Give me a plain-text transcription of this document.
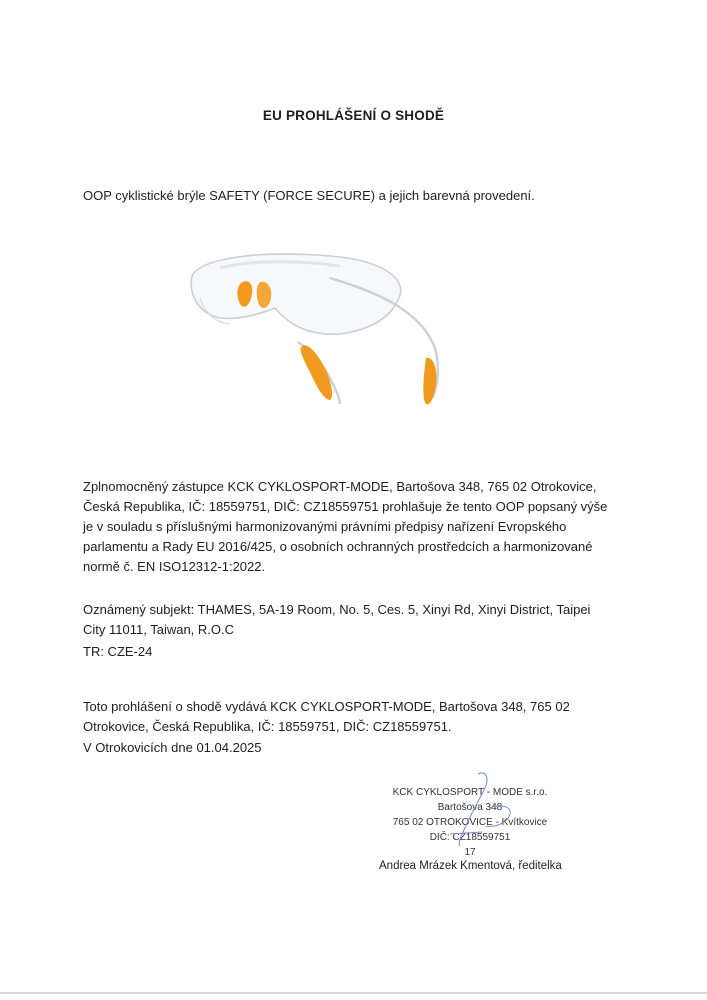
EU PROHLÁŠENÍ O SHODĚ

OOP cyklistické brýle SAFETY (FORCE SECURE) a jejich barevná provedení.

Zplnomocněný zástupce KCK CYKLOSPORT-MODE, Bartošova 348, 765 02 Otrokovice, Česká Republika, IČ: 18559751, DIČ: CZ18559751 prohlašuje že tento OOP popsaný výše je v souladu s příslušnými harmonizovanými právními předpisy nařízení Evropského parlamentu a Rady EU 2016/425, o osobních ochranných prostředcích a harmonizované normě č. EN ISO12312-1:2022.

Oznámený subjekt: THAMES, 5A-19 Room, No. 5, Ces. 5, Xinyi Rd, Xinyi District, Taipei City 11011, Taiwan, R.O.C

TR: CZE-24

Toto prohlášení o shodě vydává KCK CYKLOSPORT-MODE, Bartošova 348, 765 02 Otrokovice, Česká Republika, IČ: 18559751, DIČ: CZ18559751.

V Otrokovicích dne 01.04.2025

KCK CYKLOSPORT - MODE s.r.o.
Bartošova 348
765 02 OTROKOVICE - Kvítkovice
DIČ: CZ18559751
17
Andrea Mrázek Kmentová, ředitelka
